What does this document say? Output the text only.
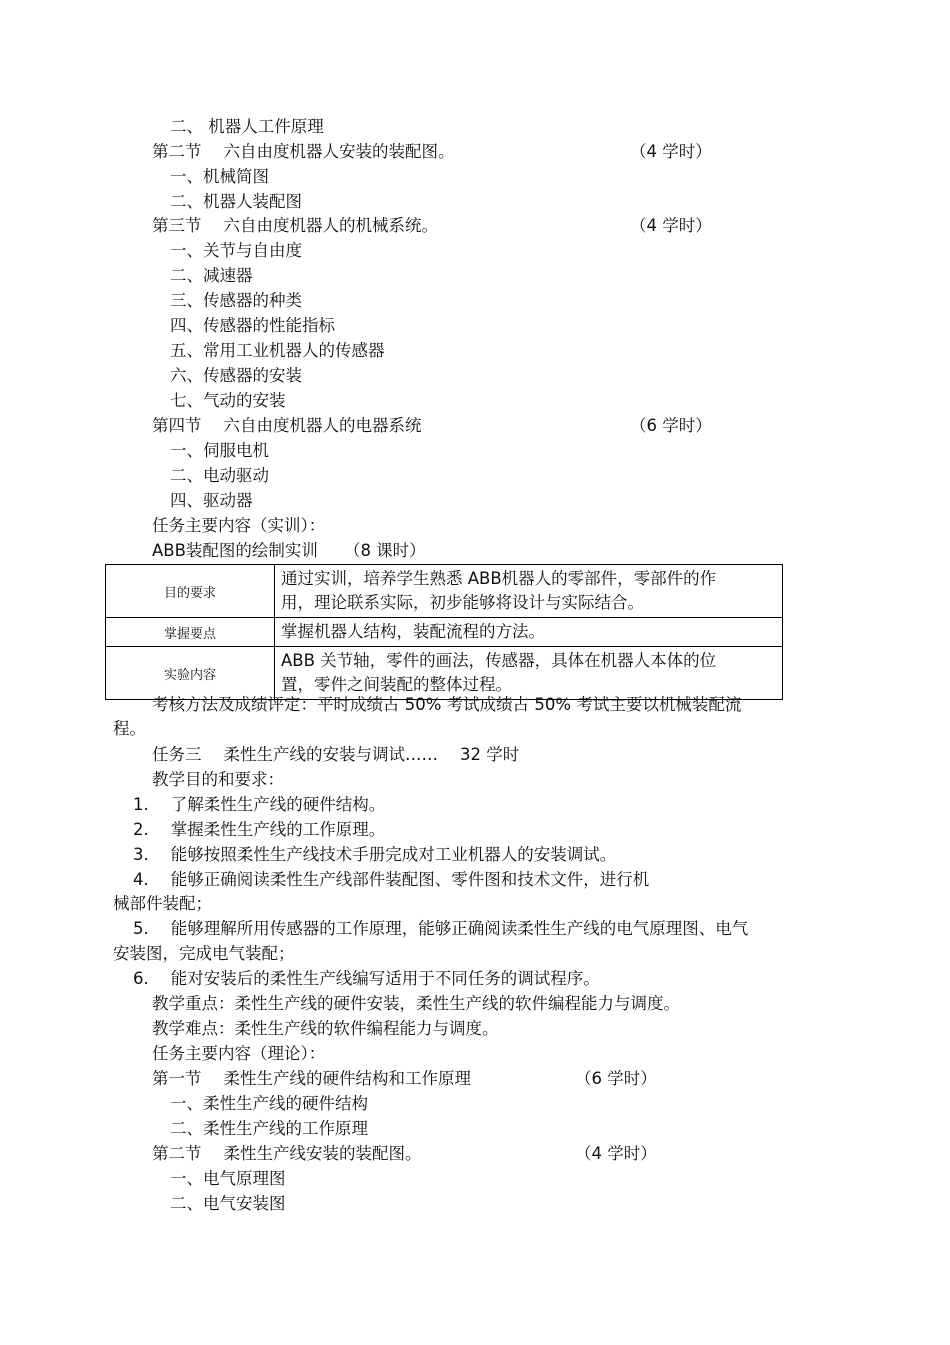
二、 机器人工件原理
第二节 六自由度机器人安装的装配图。	（4 学时）
一、机械简图
二、机器人装配图
第三节 六自由度机器人的机械系统。	（4 学时）
一、关节与自由度
二、减速器
三、传感器的种类
四、传感器的性能指标
五、常用工业机器人的传感器
六、传感器的安装
七、气动的安装
第四节 六自由度机器人的电器系统	（6 学时）
一、伺服电机
二、电动驱动
四、驱动器
任务主要内容（实训）：
ABB装配图的绘制实训 （8 课时）
目的要求	通过实训，培养学生熟悉 ABB机器人的零部件，零部件的作
用，理论联系实际，初步能够将设计与实际结合。

掌握要点	掌握机器人结构，装配流程的方法。

实验内容	ABB 关节轴，零件的画法，传感器，具体在机器人本体的位
置，零件之间装配的整体过程。
考核方法及成绩评定：平时成绩占 50% 考试成绩占 50% 考试主要以机械装配流
程。
任务三 柔性生产线的安装与调试…… 32 学时
教学目的和要求：
1. 了解柔性生产线的硬件结构。
2. 掌握柔性生产线的工作原理。
3. 能够按照柔性生产线技术手册完成对工业机器人的安装调试。
4. 能够正确阅读柔性生产线部件装配图、零件图和技术文件，进行机
械部件装配；
5. 能够理解所用传感器的工作原理，能够正确阅读柔性生产线的电气原理图、电气
安装图，完成电气装配；
6. 能对安装后的柔性生产线编写适用于不同任务的调试程序。
教学重点：柔性生产线的硬件安装，柔性生产线的软件编程能力与调度。
教学难点：柔性生产线的软件编程能力与调度。
任务主要内容（理论）：
第一节 柔性生产线的硬件结构和工作原理	（6 学时）
一、柔性生产线的硬件结构
二、柔性生产线的工作原理
第二节 柔性生产线安装的装配图。	（4 学时）
一、电气原理图
二、电气安装图
